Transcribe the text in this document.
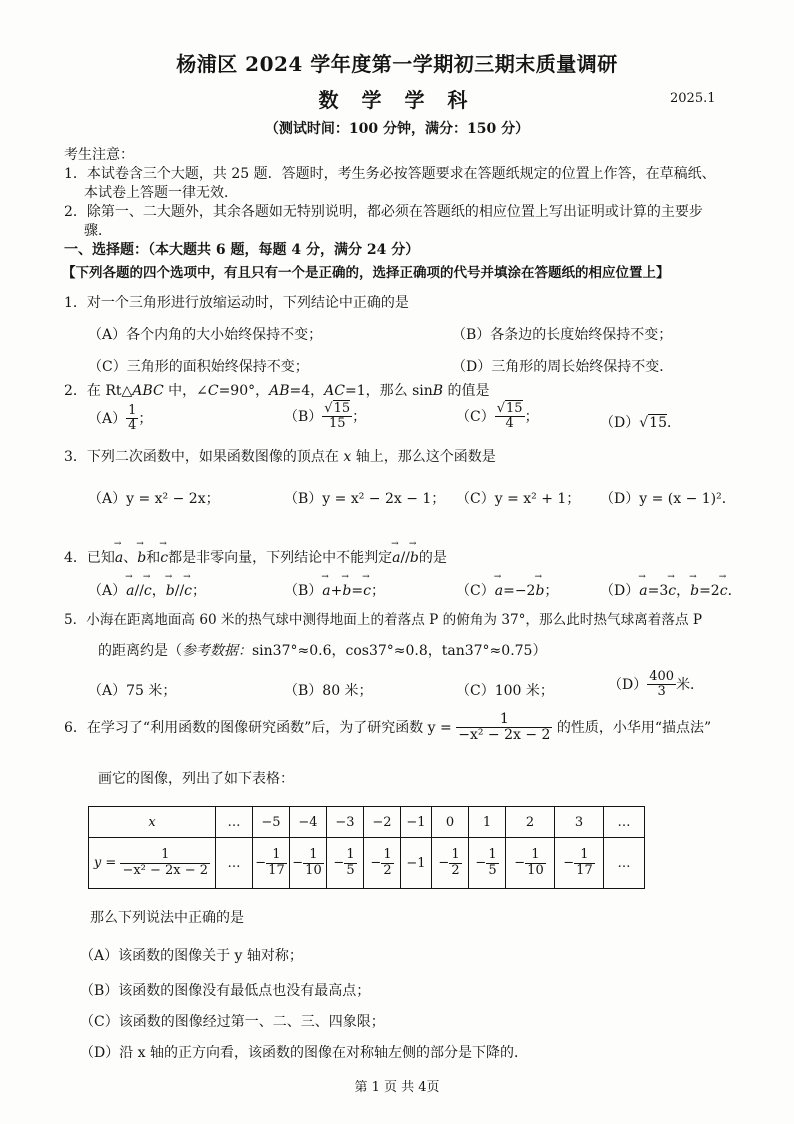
杨浦区 2024 学年度第一学期初三期末质量调研
数 学 学 科	2025.1
（测试时间：100 分钟，满分：150 分）
考生注意：
1．本试卷含三个大题，共 25 题．答题时，考生务必按答题要求在答题纸规定的位置上作答，在草稿纸、
本试卷上答题一律无效．
2．除第一、二大题外，其余各题如无特别说明，都必须在答题纸的相应位置上写出证明或计算的主要步
骤．
一、选择题：（本大题共 6 题，每题 4 分，满分 24 分）
【下列各题的四个选项中，有且只有一个是正确的，选择正确项的代号并填涂在答题纸的相应位置上】
1．对一个三角形进行放缩运动时，下列结论中正确的是
（A）各个内角的大小始终保持不变；	（B）各条边的长度始终保持不变；
（C）三角形的面积始终保持不变；	（D）三角形的周长始终保持不变．
2．在 Rt△ABC 中，∠C=90°，AB=4，AC=1，那么 sinB 的值是
$(A) \frac{1}{4}$ ；	$(B) \frac{√15}{15}$ ；	$(C) \frac{√15}{4}$ ；	（D）√15．
3．下列二次函数中，如果函数图像的顶点在 x 轴上，那么这个函数是
（A）y = x² − 2x；	（B）y = x² − 2x − 1； （C）y = x² + 1； （D）y = (x − 1)²．
4．已知→ a、→ b和→ c都是非零向量，下列结论中不能判定→ a//→ b的是
（A）→ a//→ c，→ b//→ c；	（B）→ a+→ b=→ c；	（C）→ a=−2→ b；	（D）→ a=3→ c，→ b=2→ c．
5．小海在距离地面高 60 米的热气球中测得地面上的着落点 P 的俯角为 37°，那么此时热气球离着落点 P
的距离约是（参考数据：sin37°≈0.6，cos37°≈0.8，tan37°≈0.75）
（A）75 米；	（B）80 米；	（C）100 米；	$(D) \frac{400}{3}$ 米．
6．在学习了“利用函数的图像研究函数”后，为了研究函数 $y = \frac{1}{\text{−x² − 2x − 2}}$ 的性质，小华用“描点法”
画它的图像，列出了如下表格：
x	…	−5	−4	−3	−2	−1	0	1	2	3	…
$y = \frac{1}{\text{−x² − 2x − 2}}$	…	− $\frac{1}{17}$	− $\frac{1}{10}$	− $\frac{1}{5}$	− $\frac{1}{2}$	−1	− $\frac{1}{2}$	− $\frac{1}{5}$	− $\frac{1}{10}$	− $\frac{1}{17}$	…
那么下列说法中正确的是
（A）该函数的图像关于 y 轴对称；
（B）该函数的图像没有最低点也没有最高点；
（C）该函数的图像经过第一、二、三、四象限；
（D）沿 x 轴的正方向看，该函数的图像在对称轴左侧的部分是下降的．
第 1 页 共 4页
